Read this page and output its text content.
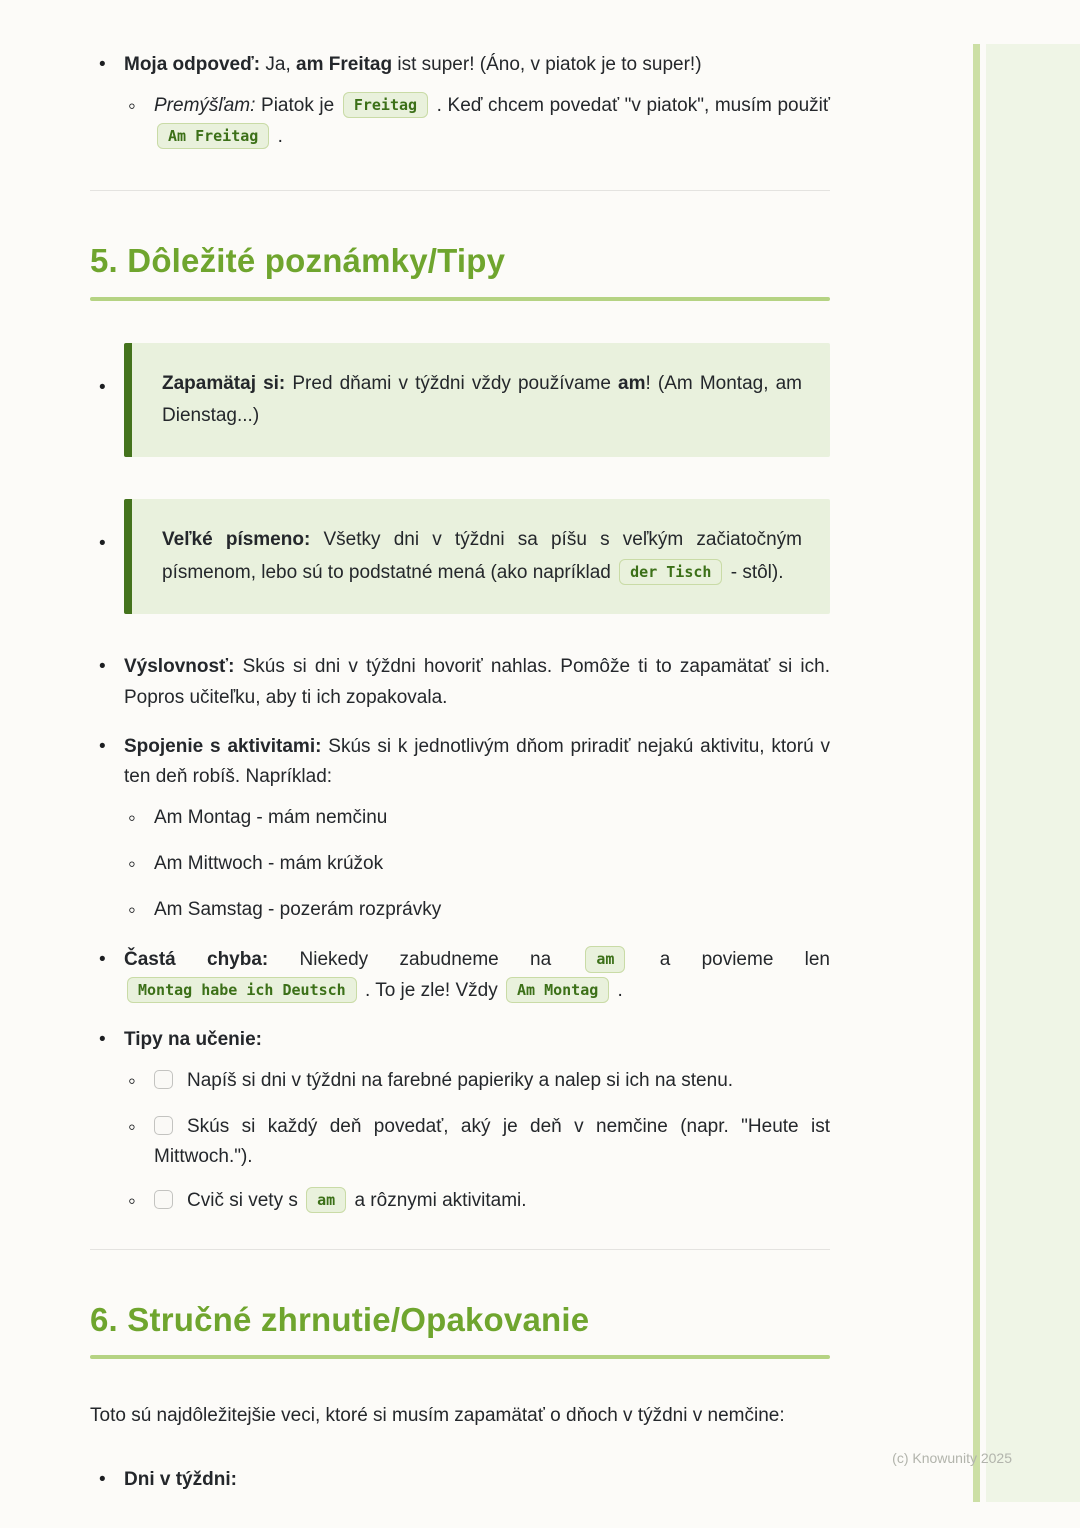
•
Moja odpoveď: Ja, am Freitag ist super! (Áno, v piatok je to super!)
◦
Premýšľam: Piatok je Freitag . Keď chcem povedať "v piatok", musím použiť Am Freitag .
5. Dôležité poznámky/Tipy
•
Zapamätaj si: Pred dňami v týždni vždy používame am! (Am Montag, am Dienstag...)
•
Veľké písmeno: Všetky dni v týždni sa píšu s veľkým začiatočným písmenom, lebo sú to podstatné mená (ako napríklad der Tisch - stôl).
•
Výslovnosť: Skús si dni v týždni hovoriť nahlas. Pomôže ti to zapamätať si ich. Popros učiteľku, aby ti ich zopakovala.
•
Spojenie s aktivitami: Skús si k jednotlivým dňom priradiť nejakú aktivitu, ktorú v ten deň robíš. Napríklad:
◦
Am Montag - mám nemčinu
◦
Am Mittwoch - mám krúžok
◦
Am Samstag - pozerám rozprávky
•
Častá chyba: Niekedy zabudneme na am a povieme len Montag habe ich Deutsch . To je zle! Vždy Am Montag .
•
Tipy na učenie:
◦
Napíš si dni v týždni na farebné papieriky a nalep si ich na stenu.
◦
Skús si každý deň povedať, aký je deň v nemčine (napr. "Heute ist Mittwoch.").
◦
Cvič si vety s am a rôznymi aktivitami.
6. Stručné zhrnutie/Opakovanie

Toto sú najdôležitejšie veci, ktoré si musím zapamätať o dňoch v týždni v nemčine:

•
Dni v týždni:
(c) Knowunity 2025
